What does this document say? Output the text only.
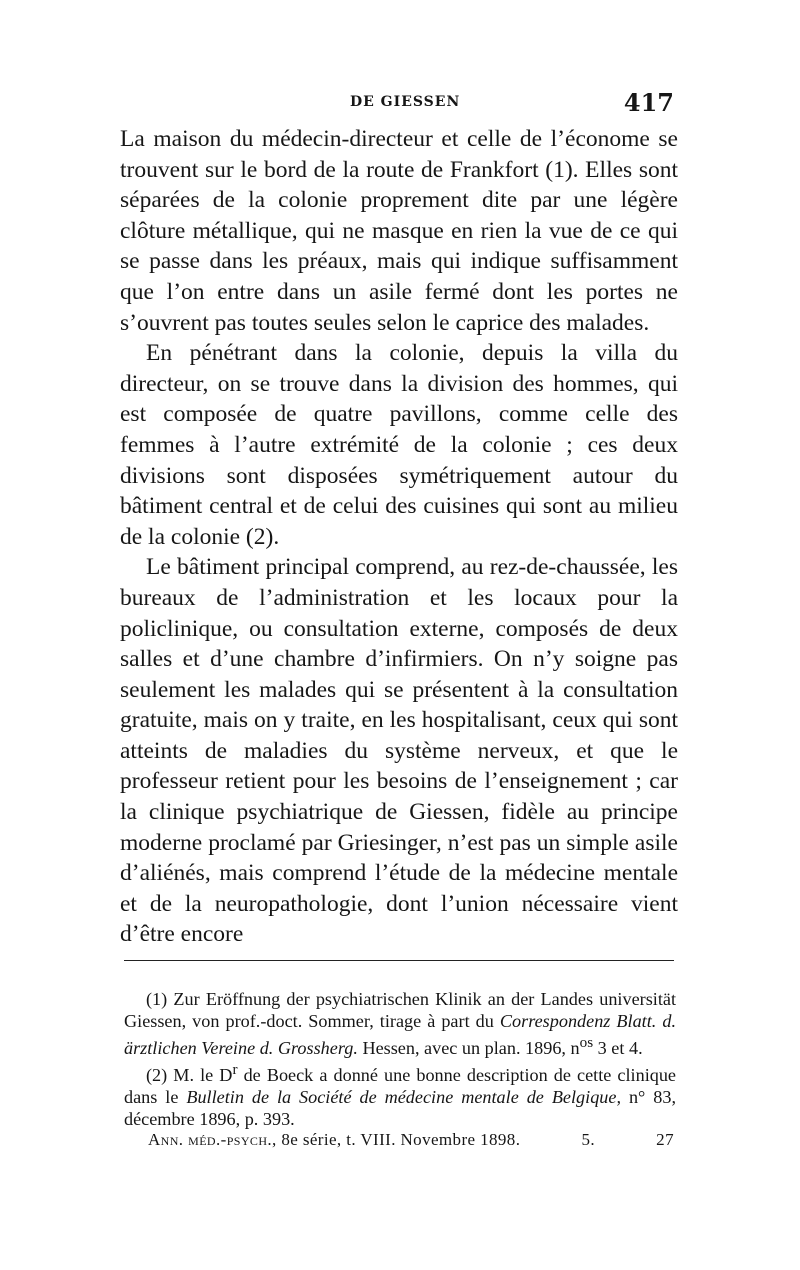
DE GIESSEN	417

La maison du médecin-directeur et celle de l’économe se trouvent sur le bord de la route de Frankfort (1). Elles sont séparées de la colonie proprement dite par une légère clôture métallique, qui ne masque en rien la vue de ce qui se passe dans les préaux, mais qui indique suffisamment que l’on entre dans un asile fermé dont les portes ne s’ouvrent pas toutes seules selon le caprice des malades.

En pénétrant dans la colonie, depuis la villa du directeur, on se trouve dans la division des hommes, qui est composée de quatre pavillons, comme celle des femmes à l’autre extrémité de la colonie ; ces deux divisions sont disposées symétriquement autour du bâtiment central et de celui des cuisines qui sont au milieu de la colonie (2).

Le bâtiment principal comprend, au rez-de-chaussée, les bureaux de l’administration et les locaux pour la policlinique, ou consultation externe, composés de deux salles et d’une chambre d’infirmiers. On n’y soigne pas seulement les malades qui se présentent à la consultation gratuite, mais on y traite, en les hospitalisant, ceux qui sont atteints de maladies du système nerveux, et que le professeur retient pour les besoins de l’enseignement ; car la clinique psychiatrique de Giessen, fidèle au principe moderne proclamé par Griesinger, n’est pas un simple asile d’aliénés, mais comprend l’étude de la médecine mentale et de la neuropathologie, dont l’union nécessaire vient d’être encore

(1) Zur Eröffnung der psychiatrischen Klinik an der Landes universität Giessen, von prof.-doct. Sommer, tirage à part du Correspondenz Blatt. d. ärztlichen Vereine d. Grossherg. Hessen, avec un plan. 1896, $n^{os}$ 3 et 4.

(2) M. le $D^r$ de Boeck a donné une bonne description de cette clinique dans le Bulletin de la Société de médecine mentale de Belgique, n° 83, décembre 1896, p. 393.

Ann. méd.-psych., 8e série, t. VIII. Novembre 1898.	5.	27
